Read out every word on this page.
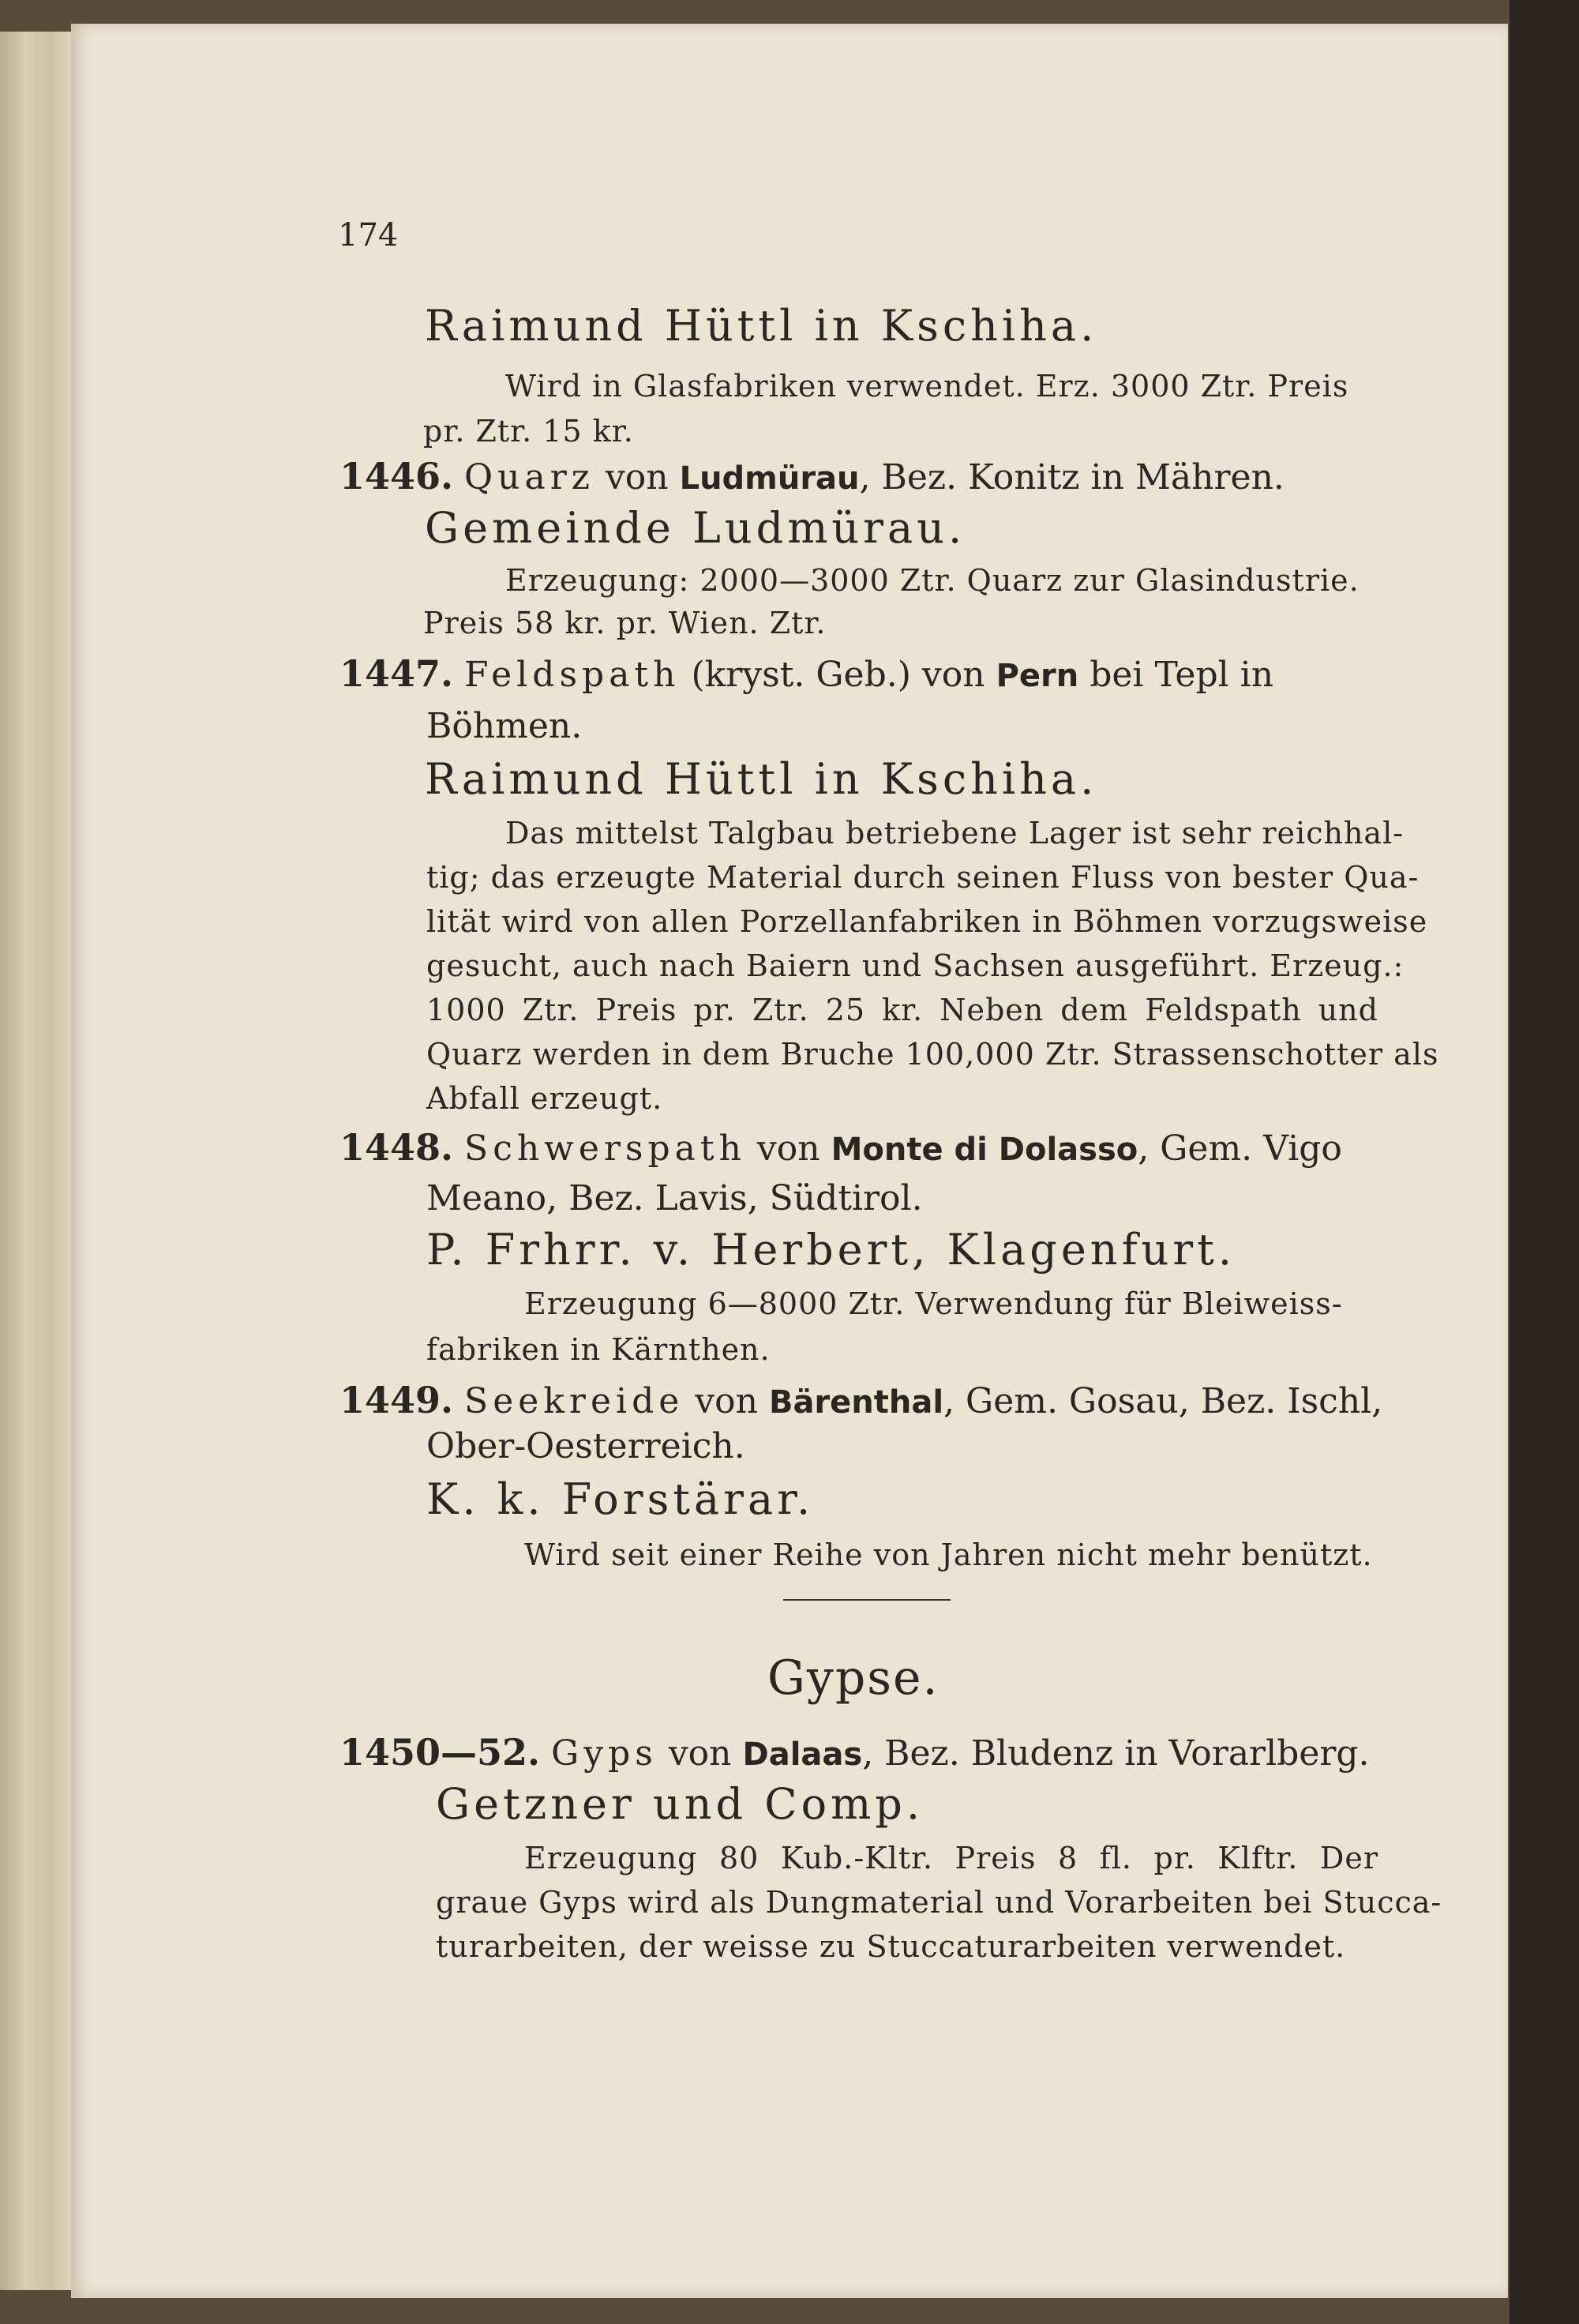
174
Raimund Hüttl in Kschiha.
Wird in Glasfabriken verwendet. Erz. 3000 Ztr. Preis
pr. Ztr. 15 kr.
1446. Quarz von Ludmürau, Bez. Konitz in Mähren.
Gemeinde Ludmürau.
Erzeugung: 2000—3000 Ztr. Quarz zur Glasindustrie.
Preis 58 kr. pr. Wien. Ztr.
1447. Feldspath (kryst. Geb.) von Pern bei Tepl in
Böhmen.
Raimund Hüttl in Kschiha.
Das mittelst Talgbau betriebene Lager ist sehr reichhal-
tig; das erzeugte Material durch seinen Fluss von bester Qua-
lität wird von allen Porzellanfabriken in Böhmen vorzugsweise
gesucht, auch nach Baiern und Sachsen ausgeführt. Erzeug.:
1000 Ztr. Preis pr. Ztr. 25 kr. Neben dem Feldspath und
Quarz werden in dem Bruche 100,000 Ztr. Strassenschotter als
Abfall erzeugt.
1448. Schwerspath von Monte di Dolasso, Gem. Vigo
Meano, Bez. Lavis, Südtirol.
P. Frhrr. v. Herbert, Klagenfurt.
Erzeugung 6—8000 Ztr. Verwendung für Bleiweiss-
fabriken in Kärnthen.
1449. Seekreide von Bärenthal, Gem. Gosau, Bez. Ischl,
Ober-Oesterreich.
K. k. Forstärar.
Wird seit einer Reihe von Jahren nicht mehr benützt.
Gypse.
1450—52. Gyps von Dalaas, Bez. Bludenz in Vorarlberg.
Getzner und Comp.
Erzeugung 80 Kub.-Kltr. Preis 8 fl. pr. Klftr. Der
graue Gyps wird als Dungmaterial und Vorarbeiten bei Stucca-
turarbeiten, der weisse zu Stuccaturarbeiten verwendet.
